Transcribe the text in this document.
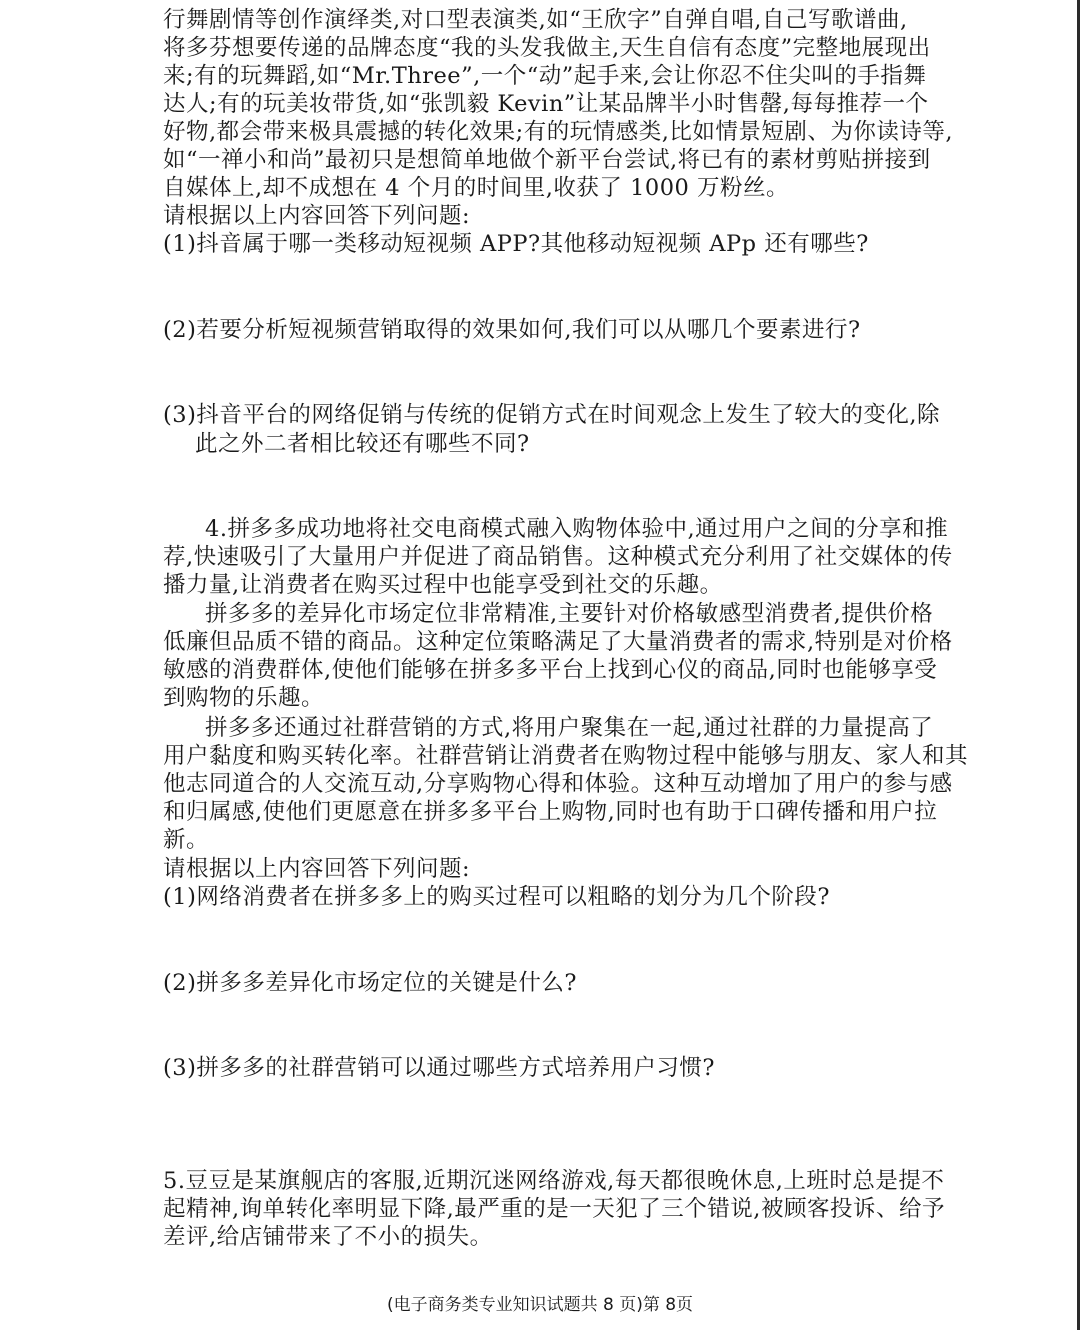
行舞剧情等创作演绎类,对口型表演类,如“王欣字”自弹自唱,自己写歌谱曲,
将多芬想要传递的品牌态度“我的头发我做主,天生自信有态度”完整地展现出
来;有的玩舞蹈,如“Mr.Three”,一个“动”起手来,会让你忍不住尖叫的手指舞
达人;有的玩美妆带货,如“张凯毅 Kevin”让某品牌半小时售罄,每每推荐一个
好物,都会带来极具震撼的转化效果;有的玩情感类,比如情景短剧、为你读诗等,
如“一禅小和尚”最初只是想简单地做个新平台尝试,将已有的素材剪贴拼接到
自媒体上,却不成想在 4 个月的时间里,收获了 1000 万粉丝。
请根据以上内容回答下列问题:
(1)抖音属于哪一类移动短视频 APP?其他移动短视频 APp 还有哪些?
(2)若要分析短视频营销取得的效果如何,我们可以从哪几个要素进行?
(3)抖音平台的网络促销与传统的促销方式在时间观念上发生了较大的变化,除
此之外二者相比较还有哪些不同?
4.拼多多成功地将社交电商模式融入购物体验中,通过用户之间的分享和推
荐,快速吸引了大量用户并促进了商品销售。这种模式充分利用了社交媒体的传
播力量,让消费者在购买过程中也能享受到社交的乐趣。
拼多多的差异化市场定位非常精准,主要针对价格敏感型消费者,提供价格
低廉但品质不错的商品。这种定位策略满足了大量消费者的需求,特别是对价格
敏感的消费群体,使他们能够在拼多多平台上找到心仪的商品,同时也能够享受
到购物的乐趣。
拼多多还通过社群营销的方式,将用户聚集在一起,通过社群的力量提高了
用户黏度和购买转化率。社群营销让消费者在购物过程中能够与朋友、家人和其
他志同道合的人交流互动,分享购物心得和体验。这种互动增加了用户的参与感
和归属感,使他们更愿意在拼多多平台上购物,同时也有助于口碑传播和用户拉
新。
请根据以上内容回答下列问题:
(1)网络消费者在拼多多上的购买过程可以粗略的划分为几个阶段?
(2)拼多多差异化市场定位的关键是什么?
(3)拼多多的社群营销可以通过哪些方式培养用户习惯?
5.豆豆是某旗舰店的客服,近期沉迷网络游戏,每天都很晚休息,上班时总是提不
起精神,询单转化率明显下降,最严重的是一天犯了三个错说,被顾客投诉、给予
差评,给店铺带来了不小的损失。
(电子商务类专业知识试题共 8 页)第 8页
